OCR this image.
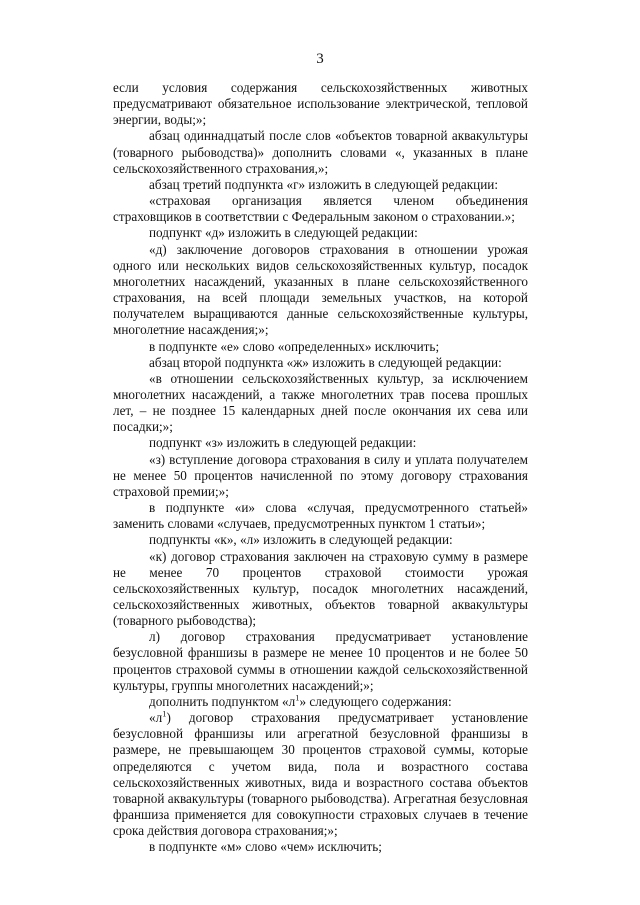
3

если условия содержания сельскохозяйственных животных предусматривают обязательное использование электрической, тепловой энергии, воды;»;

абзац одиннадцатый после слов «объектов товарной аквакультуры (товарного рыбоводства)» дополнить словами «, указанных в плане сельскохозяйственного страхования,»;

абзац третий подпункта «г» изложить в следующей редакции:

«страховая организация является членом объединения страховщиков в соответствии с Федеральным законом о страховании.»;

подпункт «д» изложить в следующей редакции:

«д) заключение договоров страхования в отношении урожая одного или нескольких видов сельскохозяйственных культур, посадок многолетних насаждений, указанных в плане сельскохозяйственного страхования, на всей площади земельных участков, на которой получателем выращиваются данные сельскохозяйственные культуры, многолетние насаждения;»;

в подпункте «е» слово «определенных» исключить;

абзац второй подпункта «ж» изложить в следующей редакции:

«в отношении сельскохозяйственных культур, за исключением многолетних насаждений, а также многолетних трав посева прошлых лет, – не позднее 15 календарных дней после окончания их сева или посадки;»;

подпункт «з» изложить в следующей редакции:

«з) вступление договора страхования в силу и уплата получателем не менее 50 процентов начисленной по этому договору страхования страховой премии;»;

в подпункте «и» слова «случая, предусмотренного статьей» заменить словами «случаев, предусмотренных пунктом 1 статьи»;

подпункты «к», «л» изложить в следующей редакции:

«к) договор страхования заключен на страховую сумму в размере не менее 70 процентов страховой стоимости урожая сельскохозяйственных культур, посадок многолетних насаждений, сельскохозяйственных животных, объектов товарной аквакультуры (товарного рыбоводства);

л) договор страхования предусматривает установление безусловной франшизы в размере не менее 10 процентов и не более 50 процентов страховой суммы в отношении каждой сельскохозяйственной культуры, группы многолетних насаждений;»;

дополнить подпунктом «$л^1$» следующего содержания:

«$л^1$) договор страхования предусматривает установление безусловной франшизы или агрегатной безусловной франшизы в размере, не превышающем 30 процентов страховой суммы, которые определяются с учетом вида, пола и возрастного состава сельскохозяйственных животных, вида и возрастного состава объектов товарной аквакультуры (товарного рыбоводства). Агрегатная безусловная франшиза применяется для совокупности страховых случаев в течение срока действия договора страхования;»;

в подпункте «м» слово «чем» исключить;
